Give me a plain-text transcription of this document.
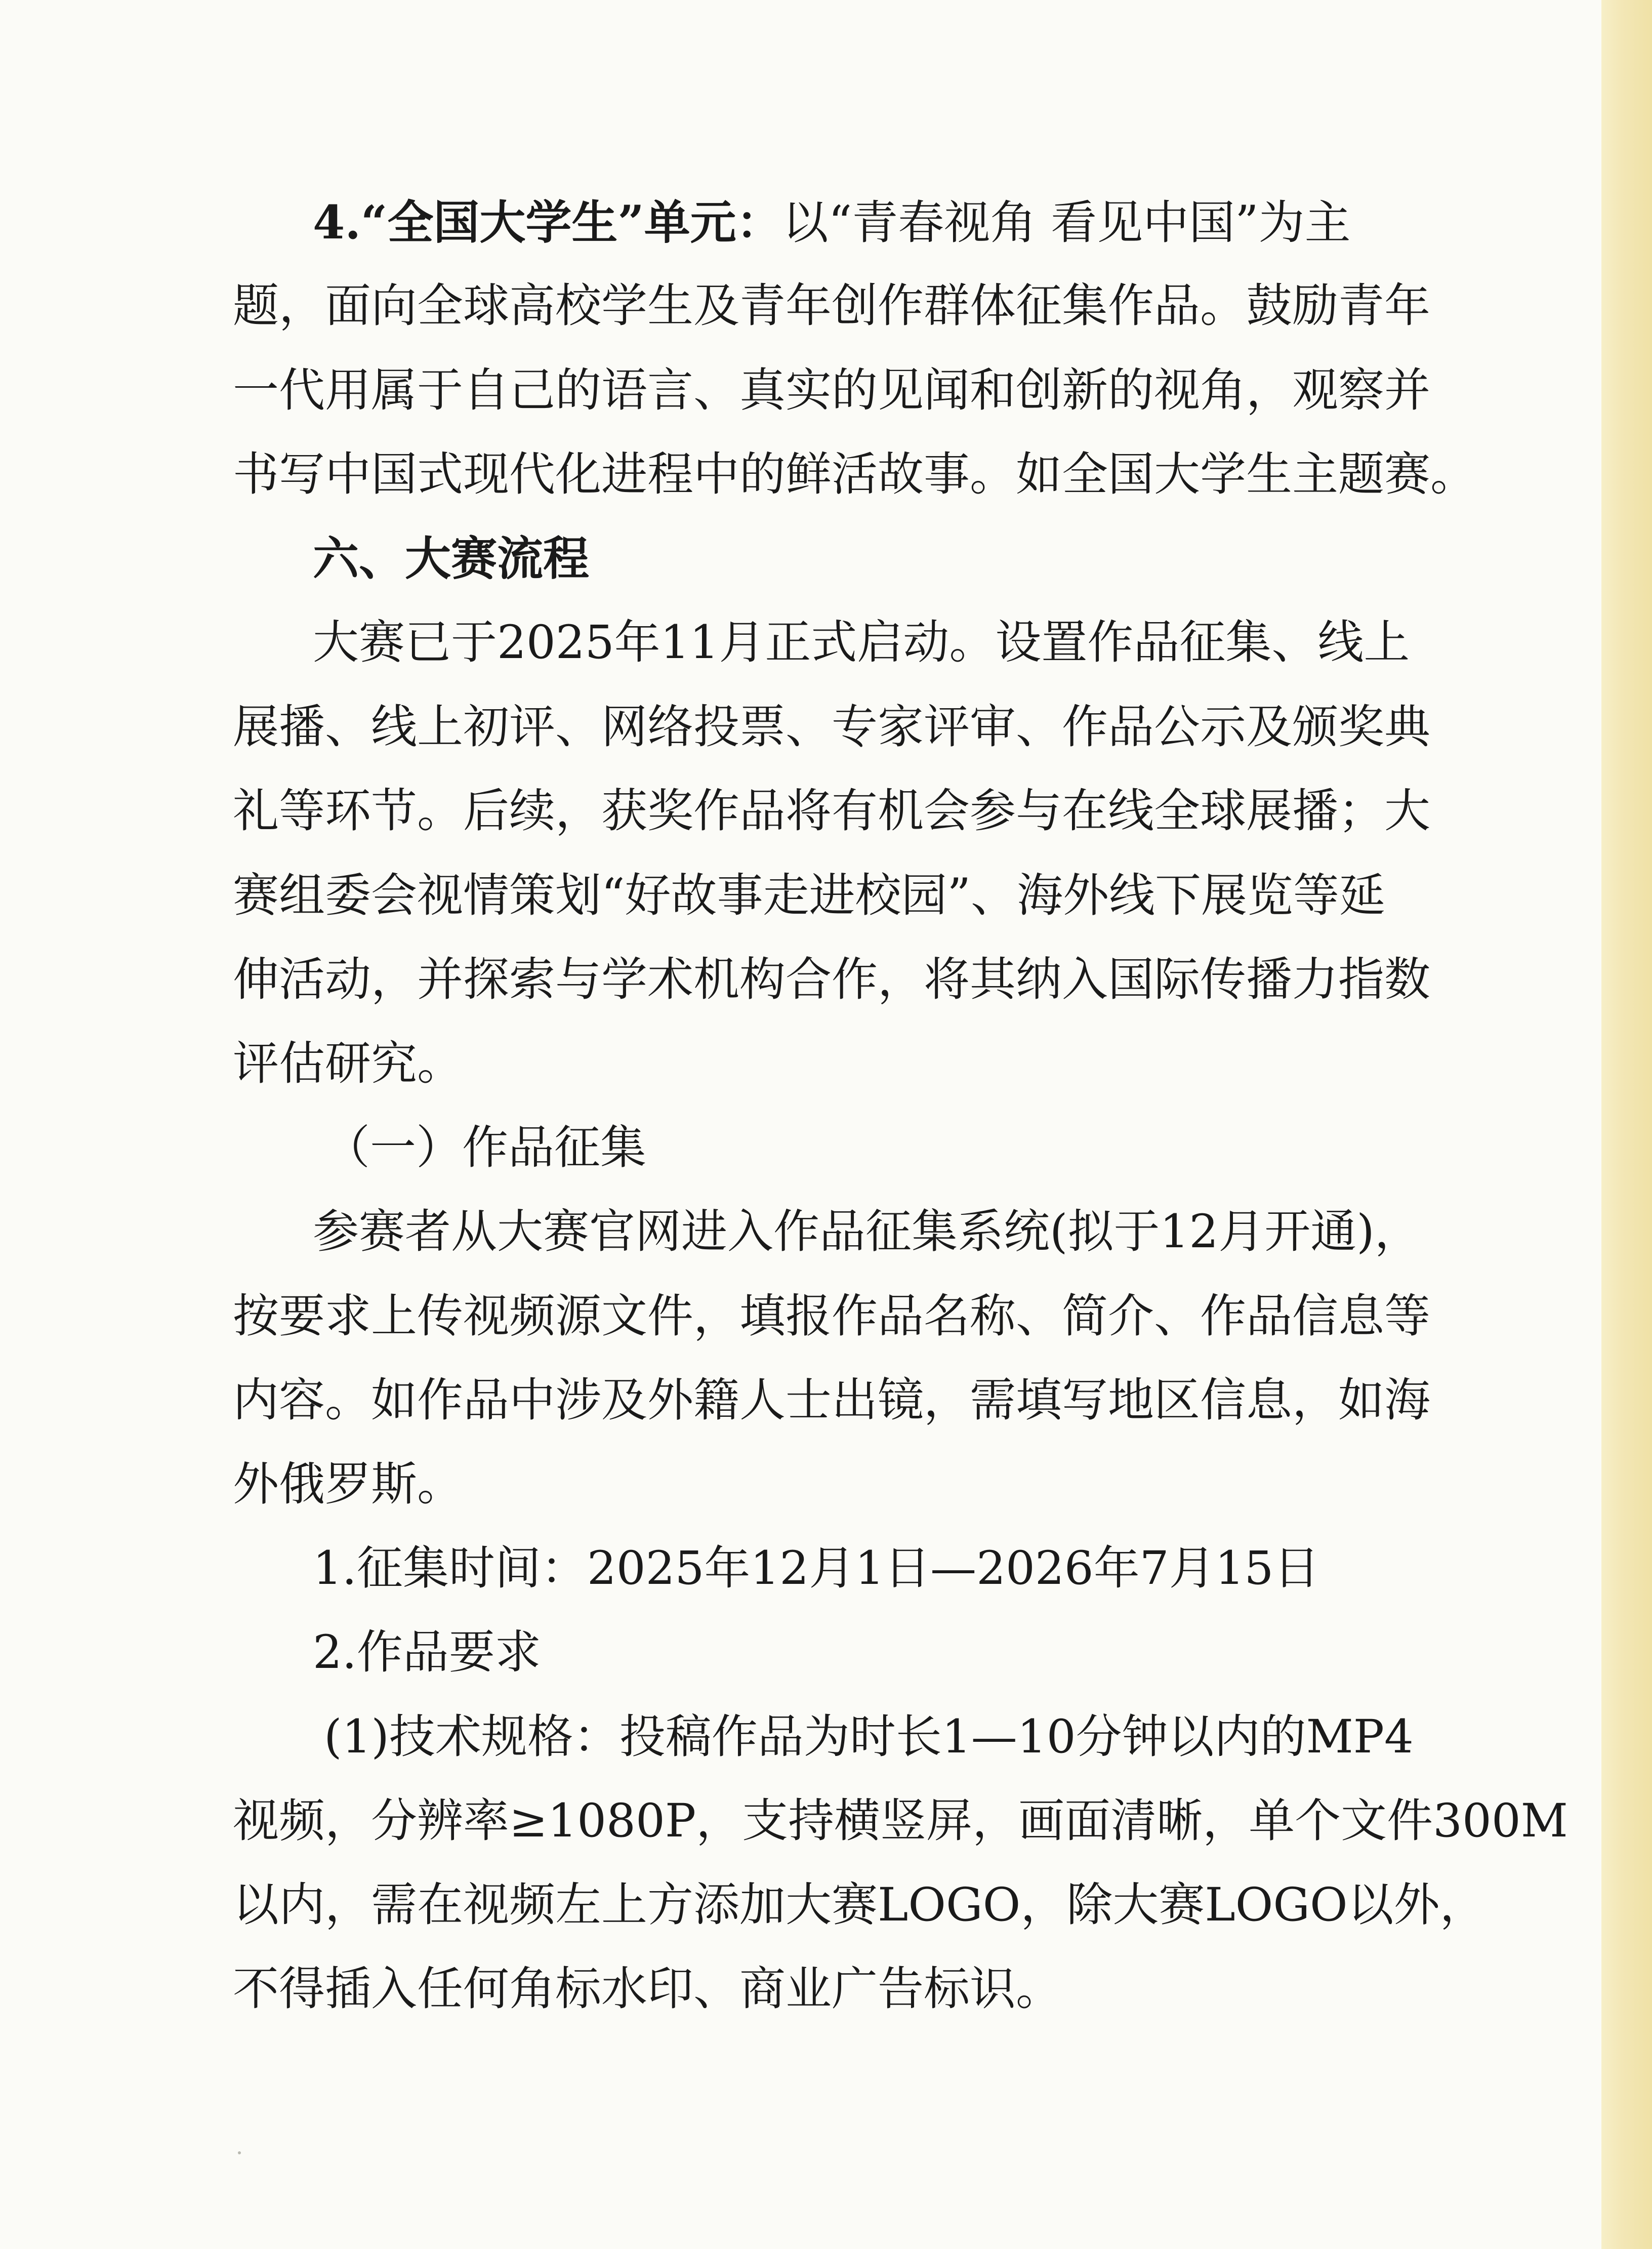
4.“全国大学生”单元：以“青春视角 看见中国”为主
题，面向全球高校学生及青年创作群体征集作品。鼓励青年
一代用属于自己的语言、真实的见闻和创新的视角，观察并
书写中国式现代化进程中的鲜活故事。如全国大学生主题赛。
六、大赛流程
大赛已于2025年11月正式启动。设置作品征集、线上
展播、线上初评、网络投票、专家评审、作品公示及颁奖典
礼等环节。后续，获奖作品将有机会参与在线全球展播；大
赛组委会视情策划“好故事走进校园”、海外线下展览等延
伸活动，并探索与学术机构合作，将其纳入国际传播力指数
评估研究。
（一）作品征集
参赛者从大赛官网进入作品征集系统(拟于12月开通)，
按要求上传视频源文件，填报作品名称、简介、作品信息等
内容。如作品中涉及外籍人士出镜，需填写地区信息，如海
外俄罗斯。
1.征集时间：2025年12月1日—2026年7月15日
2.作品要求
(1)技术规格：投稿作品为时长1—10分钟以内的MP4
视频，分辨率≥1080P，支持横竖屏，画面清晰，单个文件300M
以内，需在视频左上方添加大赛LOGO，除大赛LOGO以外，
不得插入任何角标水印、商业广告标识。
